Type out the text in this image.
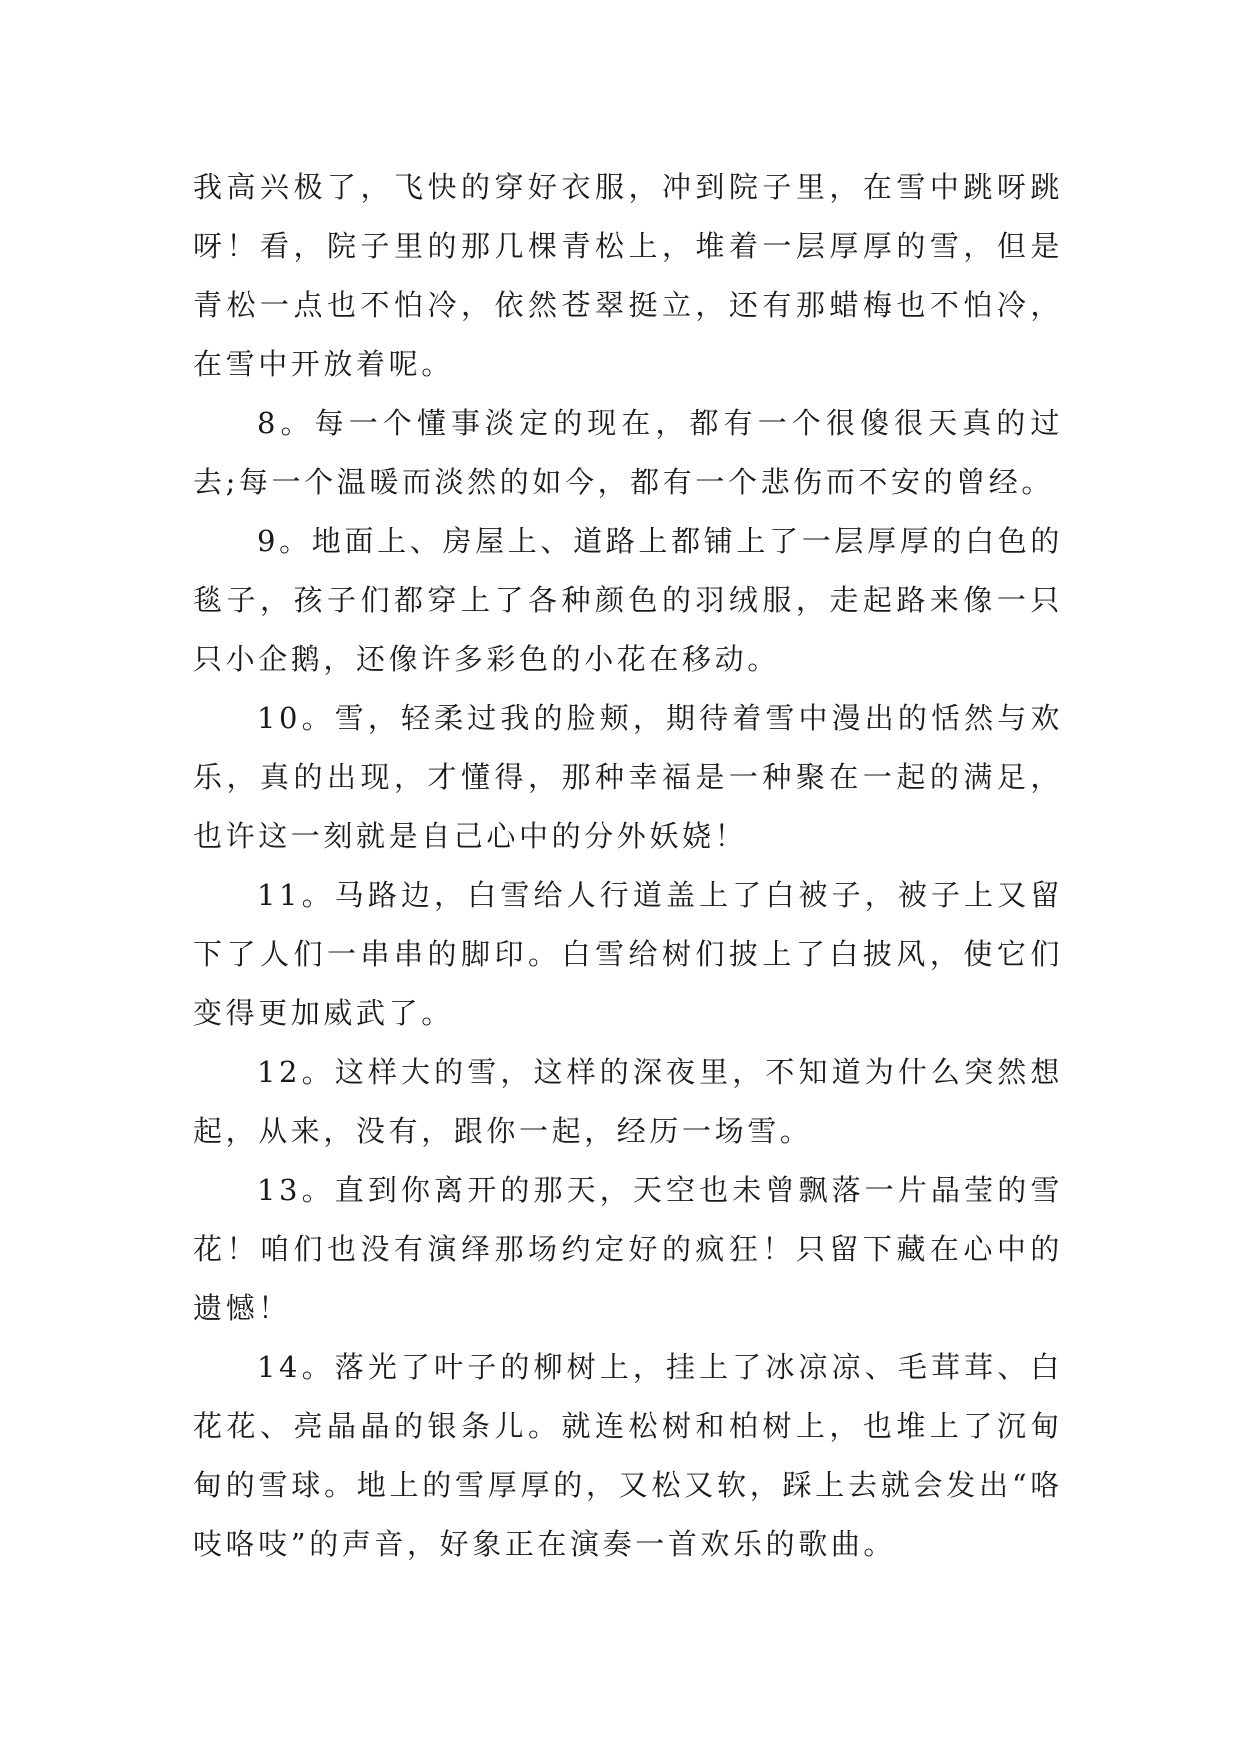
我高兴极了，飞快的穿好衣服，冲到院子里，在雪中跳呀跳呀！看，院子里的那几棵青松上，堆着一层厚厚的雪，但是青松一点也不怕冷，依然苍翠挺立，还有那蜡梅也不怕冷，在雪中开放着呢。

8。每一个懂事淡定的现在，都有一个很傻很天真的过去;每一个温暖而淡然的如今，都有一个悲伤而不安的曾经。

9。地面上、房屋上、道路上都铺上了一层厚厚的白色的毯子，孩子们都穿上了各种颜色的羽绒服，走起路来像一只只小企鹅，还像许多彩色的小花在移动。

10。雪，轻柔过我的脸颊，期待着雪中漫出的恬然与欢乐，真的出现，才懂得，那种幸福是一种聚在一起的满足，也许这一刻就是自己心中的分外妖娆！

11。马路边，白雪给人行道盖上了白被子，被子上又留下了人们一串串的脚印。白雪给树们披上了白披风，使它们变得更加威武了。

12。这样大的雪，这样的深夜里，不知道为什么突然想起，从来，没有，跟你一起，经历一场雪。

13。直到你离开的那天，天空也未曾飘落一片晶莹的雪花！咱们也没有演绎那场约定好的疯狂！只留下藏在心中的遗憾！

14。落光了叶子的柳树上，挂上了冰凉凉、毛茸茸、白花花、亮晶晶的银条儿。就连松树和柏树上，也堆上了沉甸甸的雪球。地上的雪厚厚的，又松又软，踩上去就会发出“咯吱咯吱”的声音，好象正在演奏一首欢乐的歌曲。
